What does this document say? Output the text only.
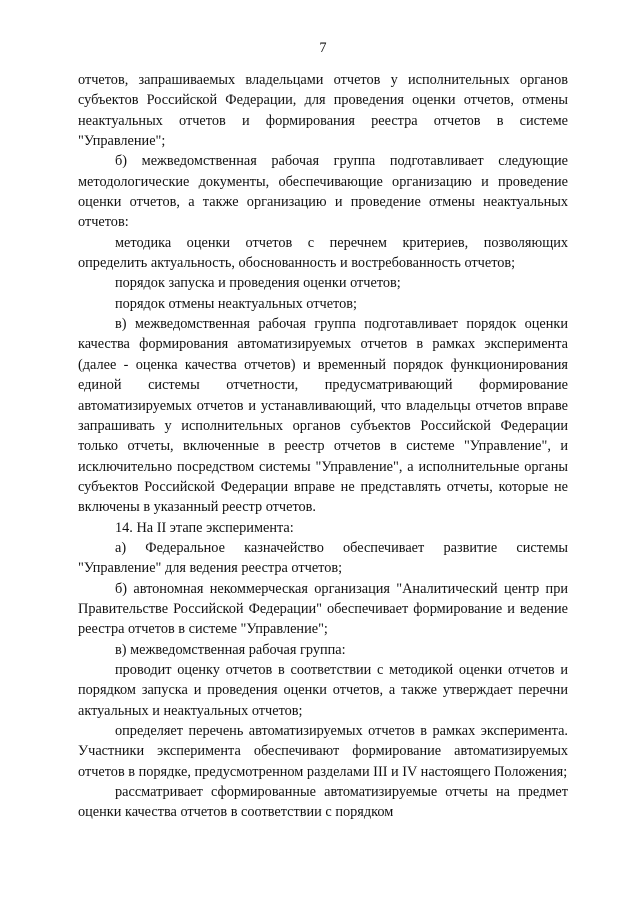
7

отчетов, запрашиваемых владельцами отчетов у исполнительных органов субъектов Российской Федерации, для проведения оценки отчетов, отмены неактуальных отчетов и формирования реестра отчетов в системе "Управление";

б) межведомственная рабочая группа подготавливает следующие методологические документы, обеспечивающие организацию и проведение оценки отчетов, а также организацию и проведение отмены неактуальных отчетов:

методика оценки отчетов с перечнем критериев, позволяющих определить актуальность, обоснованность и востребованность отчетов;

порядок запуска и проведения оценки отчетов;

порядок отмены неактуальных отчетов;

в) межведомственная рабочая группа подготавливает порядок оценки качества формирования автоматизируемых отчетов в рамках эксперимента (далее - оценка качества отчетов) и временный порядок функционирования единой системы отчетности, предусматривающий формирование автоматизируемых отчетов и устанавливающий, что владельцы отчетов вправе запрашивать у исполнительных органов субъектов Российской Федерации только отчеты, включенные в реестр отчетов в системе "Управление", и исключительно посредством системы "Управление", а исполнительные органы субъектов Российской Федерации вправе не представлять отчеты, которые не включены в указанный реестр отчетов.

14. На II этапе эксперимента:

а) Федеральное казначейство обеспечивает развитие системы "Управление" для ведения реестра отчетов;

б) автономная некоммерческая организация "Аналитический центр при Правительстве Российской Федерации" обеспечивает формирование и ведение реестра отчетов в системе "Управление";

в) межведомственная рабочая группа:

проводит оценку отчетов в соответствии с методикой оценки отчетов и порядком запуска и проведения оценки отчетов, а также утверждает перечни актуальных и неактуальных отчетов;

определяет перечень автоматизируемых отчетов в рамках эксперимента. Участники эксперимента обеспечивают формирование автоматизируемых отчетов в порядке, предусмотренном разделами III и IV настоящего Положения;

рассматривает сформированные автоматизируемые отчеты на предмет оценки качества отчетов в соответствии с порядком
